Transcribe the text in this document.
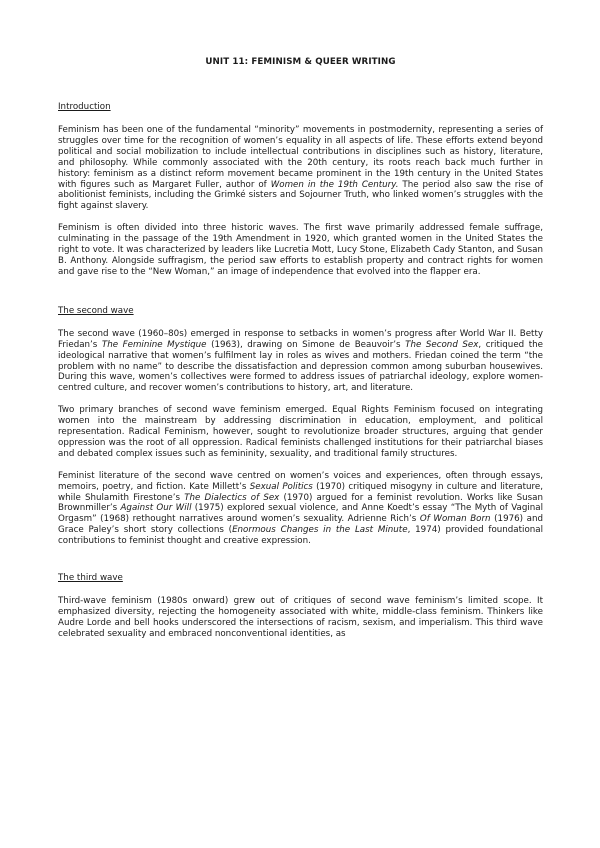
UNIT 11: FEMINISM & QUEER WRITING
Introduction

Feminism has been one of the fundamental “minority” movements in postmodernity, representing a series of struggles over time for the recognition of women’s equality in all aspects of life. These efforts extend beyond political and social mobilization to include intellectual contributions in disciplines such as history, literature, and philosophy. While commonly associated with the 20th century, its roots reach back much further in history: feminism as a distinct reform movement became prominent in the 19th century in the United States with figures such as Margaret Fuller, author of Women in the 19th Century. The period also saw the rise of abolitionist feminists, including the Grimké sisters and Sojourner Truth, who linked women’s struggles with the fight against slavery.

Feminism is often divided into three historic waves. The first wave primarily addressed female suffrage, culminating in the passage of the 19th Amendment in 1920, which granted women in the United States the right to vote. It was characterized by leaders like Lucretia Mott, Lucy Stone, Elizabeth Cady Stanton, and Susan B. Anthony. Alongside suffragism, the period saw efforts to establish property and contract rights for women and gave rise to the “New Woman,” an image of independence that evolved into the flapper era.

The second wave

The second wave (1960–80s) emerged in response to setbacks in women’s progress after World War II. Betty Friedan’s The Feminine Mystique (1963), drawing on Simone de Beauvoir’s The Second Sex, critiqued the ideological narrative that women’s fulfilment lay in roles as wives and mothers. Friedan coined the term “the problem with no name” to describe the dissatisfaction and depression common among suburban housewives. During this wave, women’s collectives were formed to address issues of patriarchal ideology, explore women-centred culture, and recover women’s contributions to history, art, and literature.

Two primary branches of second wave feminism emerged. Equal Rights Feminism focused on integrating women into the mainstream by addressing discrimination in education, employment, and political representation. Radical Feminism, however, sought to revolutionize broader structures, arguing that gender oppression was the root of all oppression. Radical feminists challenged institutions for their patriarchal biases and debated complex issues such as femininity, sexuality, and traditional family structures.

Feminist literature of the second wave centred on women’s voices and experiences, often through essays, memoirs, poetry, and fiction. Kate Millett’s Sexual Politics (1970) critiqued misogyny in culture and literature, while Shulamith Firestone’s The Dialectics of Sex (1970) argued for a feminist revolution. Works like Susan Brownmiller’s Against Our Will (1975) explored sexual violence, and Anne Koedt’s essay “The Myth of Vaginal Orgasm” (1968) rethought narratives around women’s sexuality. Adrienne Rich’s Of Woman Born (1976) and Grace Paley’s short story collections (Enormous Changes in the Last Minute, 1974) provided foundational contributions to feminist thought and creative expression.

The third wave

Third-wave feminism (1980s onward) grew out of critiques of second wave feminism’s limited scope. It emphasized diversity, rejecting the homogeneity associated with white, middle-class feminism. Thinkers like Audre Lorde and bell hooks underscored the intersections of racism, sexism, and imperialism. This third wave celebrated sexuality and embraced nonconventional identities, as
